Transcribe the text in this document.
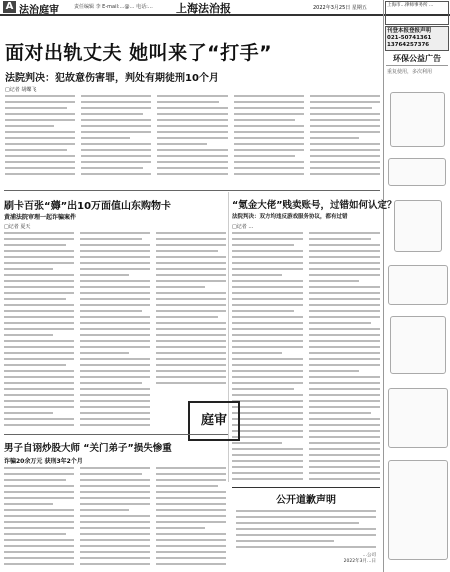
A 法治庭审	责任编辑 李 E-mail:…@… 电话:… 上海法治报	2022年3月25日 星期五	上海市…律师事务所 …
刊登本报登报声明
021-50741361
13764257376
环保公益广告
重复使用，多次利用
面对出轨丈夫 她叫来了“打手”
法院判决：犯故意伤害罪，判处有期徒刑10个月
□记者 胡蝶飞
刷卡百张“薅”出10万面值山东购物卡
黄浦法院审理一起诈骗案件
□记者 夏天
“氪金大佬”贱卖账号，过错如何认定？
法院判决：双方均违反游戏服务协议，都有过错
□记者 …
庭审
男子自诩炒股大师 “关门弟子”损失惨重
诈骗20余万元 获刑3年2个月
公开道歉声明
…公司
2022年3月…日
